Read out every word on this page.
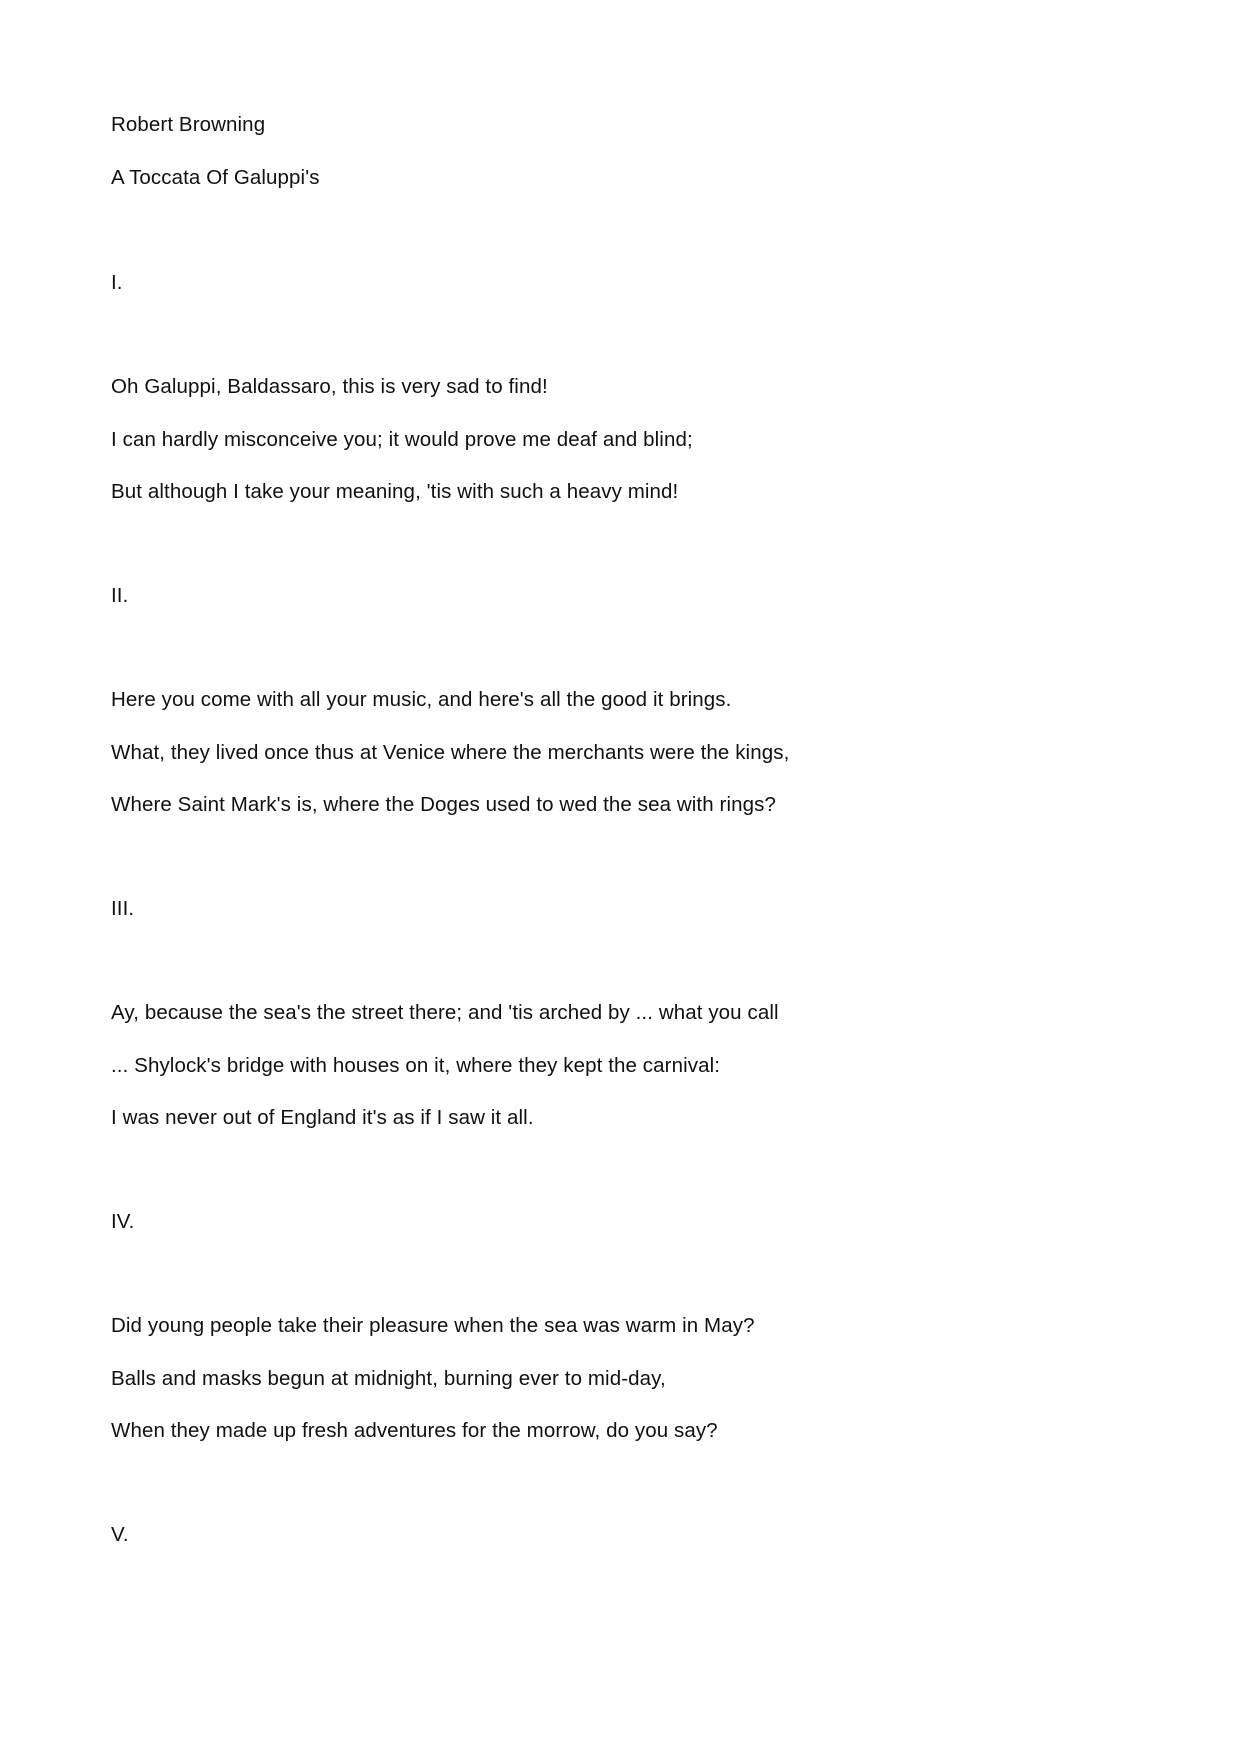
Robert Browning
A Toccata Of Galuppi's
I.
Oh Galuppi, Baldassaro, this is very sad to find!
I can hardly misconceive you; it would prove me deaf and blind;
But although I take your meaning, 'tis with such a heavy mind!
II.
Here you come with all your music, and here's all the good it brings.
What, they lived once thus at Venice where the merchants were the kings,
Where Saint Mark's is, where the Doges used to wed the sea with rings?
III.
Ay, because the sea's the street there; and 'tis arched by ... what you call
... Shylock's bridge with houses on it, where they kept the carnival:
I was never out of England it's as if I saw it all.
IV.
Did young people take their pleasure when the sea was warm in May?
Balls and masks begun at midnight, burning ever to mid-day,
When they made up fresh adventures for the morrow, do you say?
V.
